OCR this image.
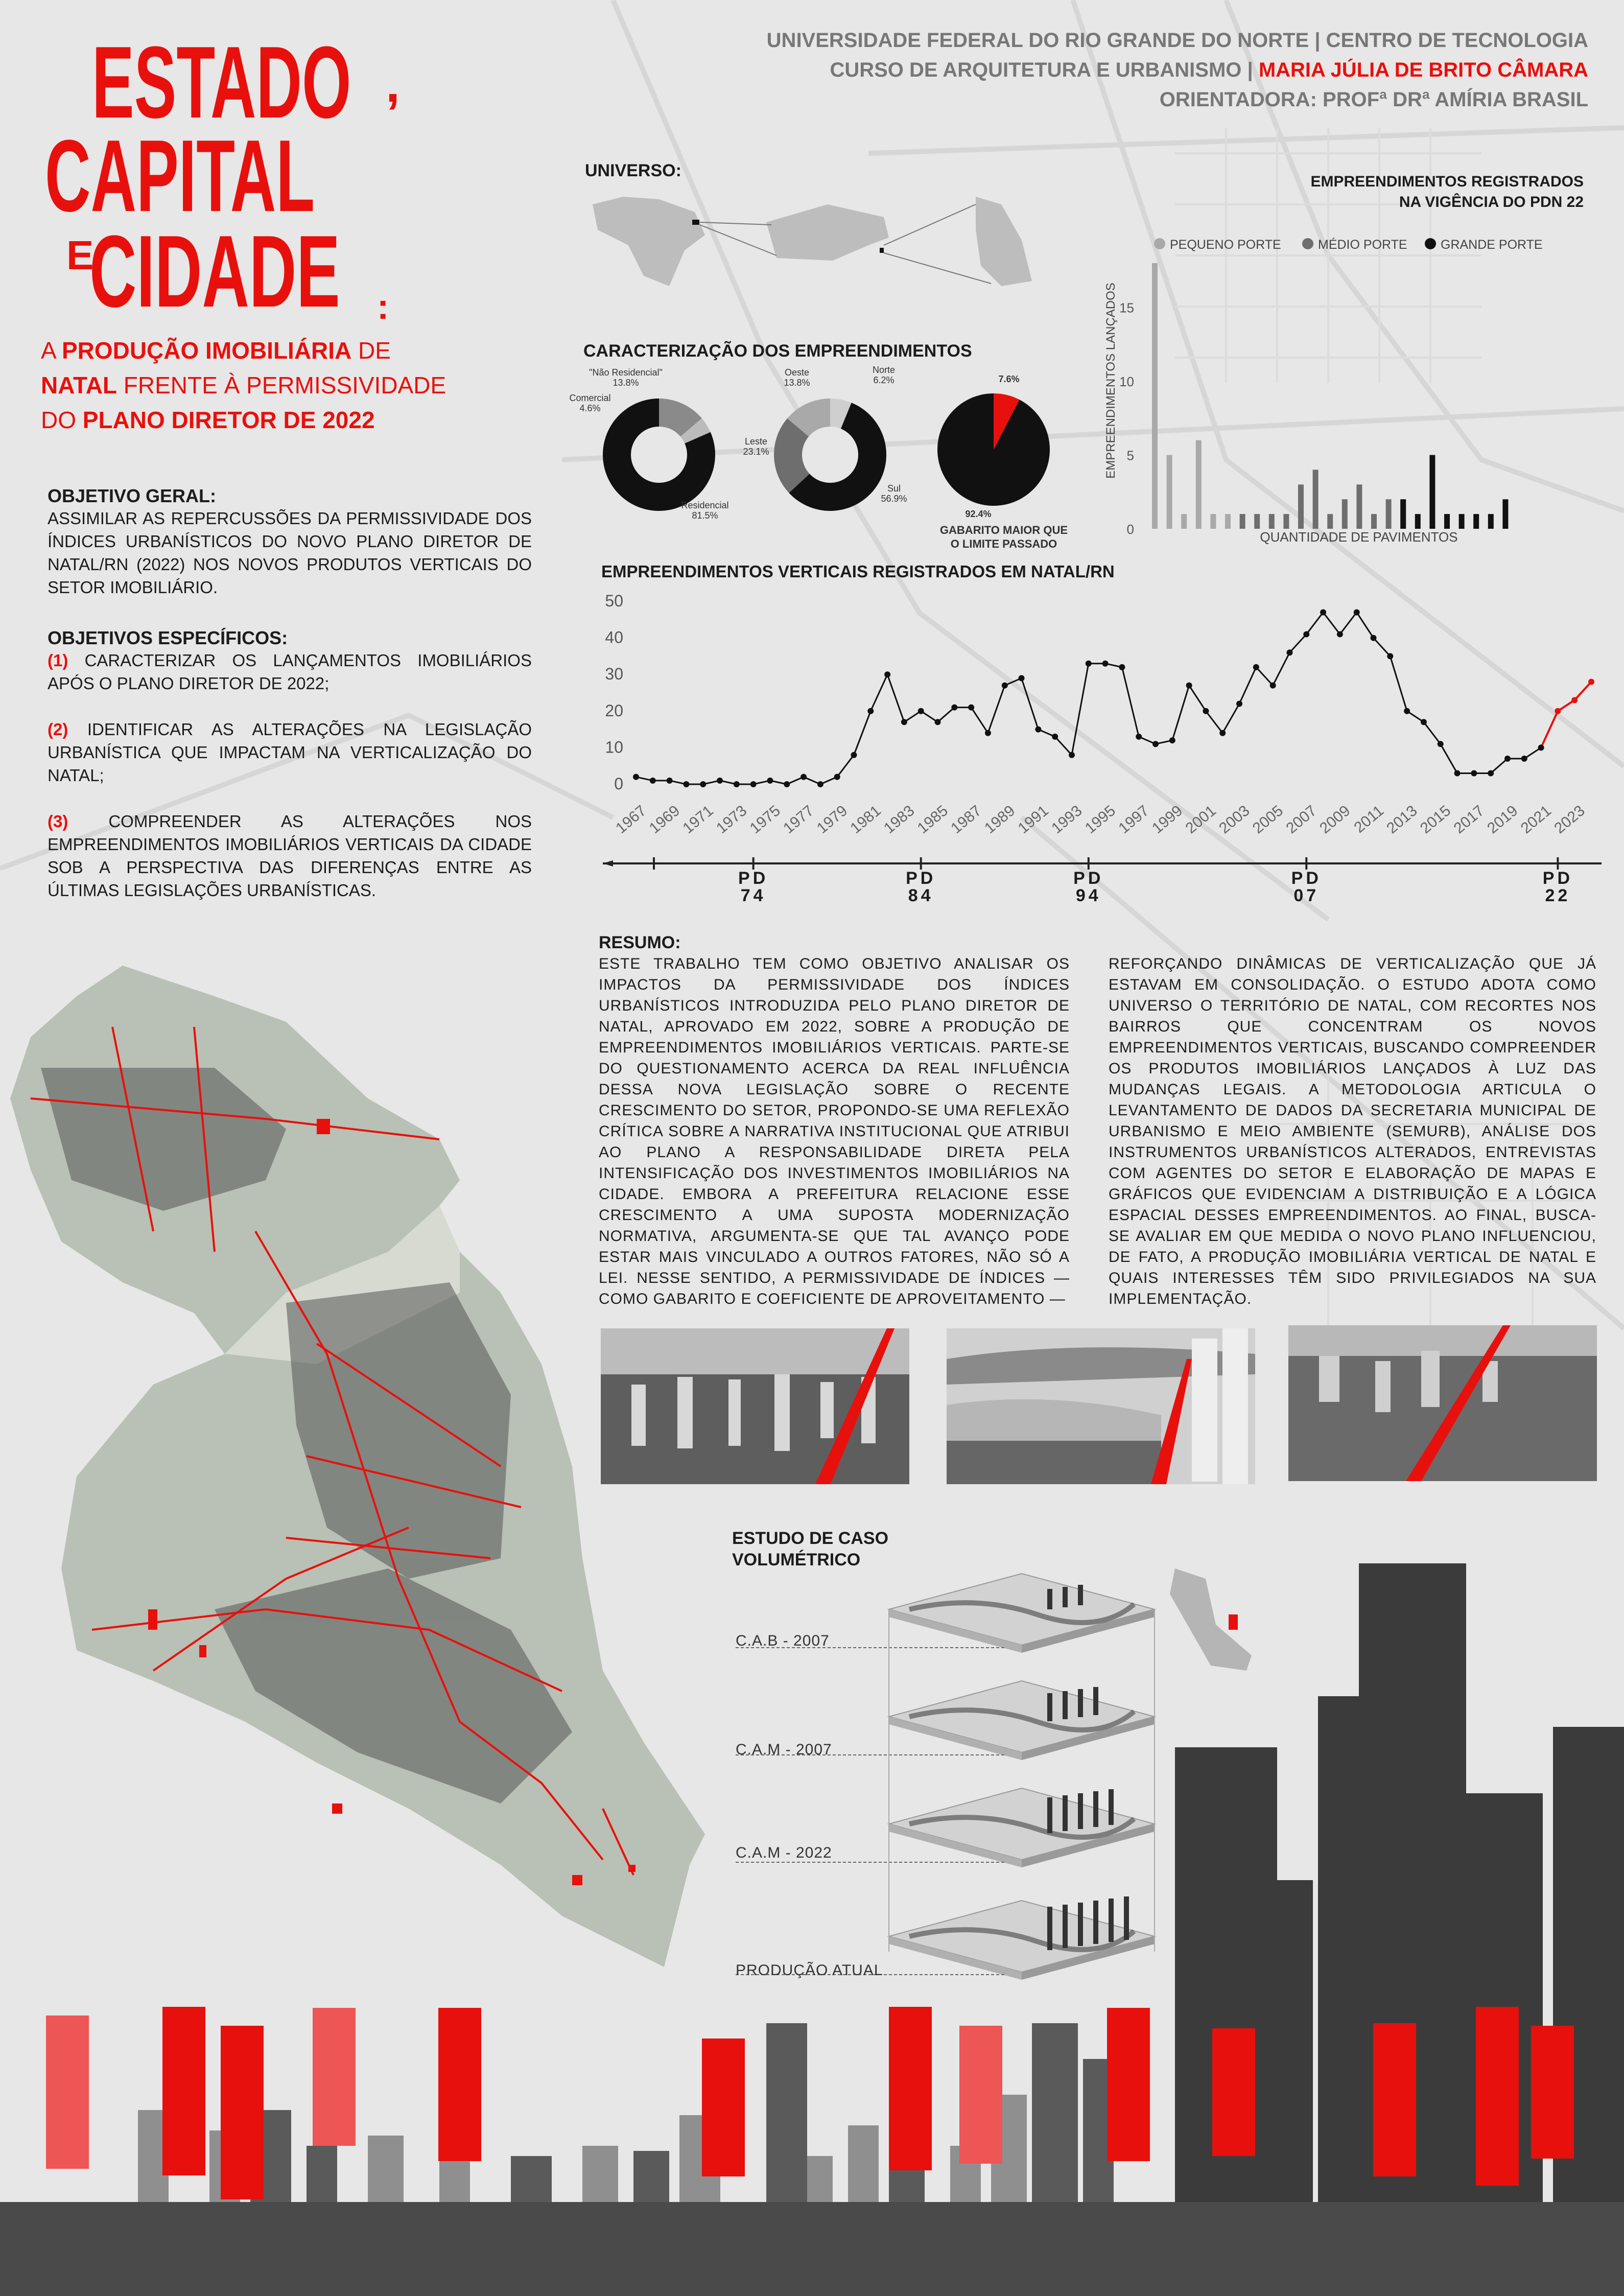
UNIVERSIDADE FEDERAL DO RIO GRANDE DO NORTE | CENTRO DE TECNOLOGIA
CURSO DE ARQUITETURA E URBANISMO | MARIA JÚLIA DE BRITO CÂMARA
ORIENTADORA: PROFª DRª AMÍRIA BRASIL
ESTADO ,
CAPITAL
E
CIDADE :
A PRODUÇÃO IMOBILIÁRIA DE
NATAL FRENTE À PERMISSIVIDADE
DO PLANO DIRETOR DE 2022
OBJETIVO GERAL:
ASSIMILAR AS REPERCUSSÕES DA PERMISSIVIDADE DOS ÍNDICES URBANÍSTICOS DO NOVO PLANO DIRETOR DE NATAL/RN (2022) NOS NOVOS PRODUTOS VERTICAIS DO SETOR IMOBILIÁRIO.
OBJETIVOS ESPECÍFICOS:
(1) CARACTERIZAR OS LANÇAMENTOS IMOBILIÁRIOS APÓS O PLANO DIRETOR DE 2022;
(2) IDENTIFICAR AS ALTERAÇÕES NA LEGISLAÇÃO URBANÍSTICA QUE IMPACTAM NA VERTICALIZAÇÃO DO NATAL;
(3) COMPREENDER AS ALTERAÇÕES NOS EMPREENDIMENTOS IMOBILIÁRIOS VERTICAIS DA CIDADE SOB A PERSPECTIVA DAS DIFERENÇAS ENTRE AS ÚLTIMAS LEGISLAÇÕES URBANÍSTICAS.
UNIVERSO:
CARACTERIZAÇÃO DOS EMPREENDIMENTOS
"Não Residencial"
13.8%
Comercial
4.6%
Residencial
81.5%
Oeste
13.8%
Norte
6.2%
Leste
23.1%
Sul
56.9%
7.6%
92.4%
GABARITO MAIOR QUE
O LIMITE PASSADO
EMPREENDIMENTOS REGISTRADOS
NA VIGÊNCIA DO PDN 22
PEQUENO PORTE	MÉDIO PORTE	GRANDE PORTE
0
5
10
15
EMPREENDIMENTOS LANÇADOS
QUANTIDADE DE PAVIMENTOS
EMPREENDIMENTOS VERTICAIS REGISTRADOS EM NATAL/RN
0
10
20
30
40
50
1967
1969
1971
1973
1975
1977
1979
1981
1983
1985
1987
1989
1991
1993
1995
1997
1999
2001
2003
2005
2007
2009
2011
2013
2015
2017
2019
2021
2023
PD
74
PD
84
PD
94
PD
07
PD
22
RESUMO:
ESTE TRABALHO TEM COMO OBJETIVO ANALISAR OS IMPACTOS DA PERMISSIVIDADE DOS ÍNDICES URBANÍSTICOS INTRODUZIDA PELO PLANO DIRETOR DE NATAL, APROVADO EM 2022, SOBRE A PRODUÇÃO DE EMPREENDIMENTOS IMOBILIÁRIOS VERTICAIS. PARTE-SE DO QUESTIONAMENTO ACERCA DA REAL INFLUÊNCIA DESSA NOVA LEGISLAÇÃO SOBRE O RECENTE CRESCIMENTO DO SETOR, PROPONDO-SE UMA REFLEXÃO CRÍTICA SOBRE A NARRATIVA INSTITUCIONAL QUE ATRIBUI AO PLANO A RESPONSABILIDADE DIRETA PELA INTENSIFICAÇÃO DOS INVESTIMENTOS IMOBILIÁRIOS NA CIDADE. EMBORA A PREFEITURA RELACIONE ESSE CRESCIMENTO A UMA SUPOSTA MODERNIZAÇÃO NORMATIVA, ARGUMENTA-SE QUE TAL AVANÇO PODE ESTAR MAIS VINCULADO A OUTROS FATORES, NÃO SÓ A LEI. NESSE SENTIDO, A PERMISSIVIDADE DE ÍNDICES — COMO GABARITO E COEFICIENTE DE APROVEITAMENTO —
REFORÇANDO DINÂMICAS DE VERTICALIZAÇÃO QUE JÁ ESTAVAM EM CONSOLIDAÇÃO. O ESTUDO ADOTA COMO UNIVERSO O TERRITÓRIO DE NATAL, COM RECORTES NOS BAIRROS QUE CONCENTRAM OS NOVOS EMPREENDIMENTOS VERTICAIS, BUSCANDO COMPREENDER OS PRODUTOS IMOBILIÁRIOS LANÇADOS À LUZ DAS MUDANÇAS LEGAIS. A METODOLOGIA ARTICULA O LEVANTAMENTO DE DADOS DA SECRETARIA MUNICIPAL DE URBANISMO E MEIO AMBIENTE (SEMURB), ANÁLISE DOS INSTRUMENTOS URBANÍSTICOS ALTERADOS, ENTREVISTAS COM AGENTES DO SETOR E ELABORAÇÃO DE MAPAS E GRÁFICOS QUE EVIDENCIAM A DISTRIBUIÇÃO E A LÓGICA ESPACIAL DESSES EMPREENDIMENTOS. AO FINAL, BUSCA-SE AVALIAR EM QUE MEDIDA O NOVO PLANO INFLUENCIOU, DE FATO, A PRODUÇÃO IMOBILIÁRIA VERTICAL DE NATAL E QUAIS INTERESSES TÊM SIDO PRIVILEGIADOS NA SUA IMPLEMENTAÇÃO.
ESTUDO DE CASO
VOLUMÉTRICO
C.A.B - 2007
C.A.M - 2007
C.A.M - 2022
PRODUÇÃO ATUAL
